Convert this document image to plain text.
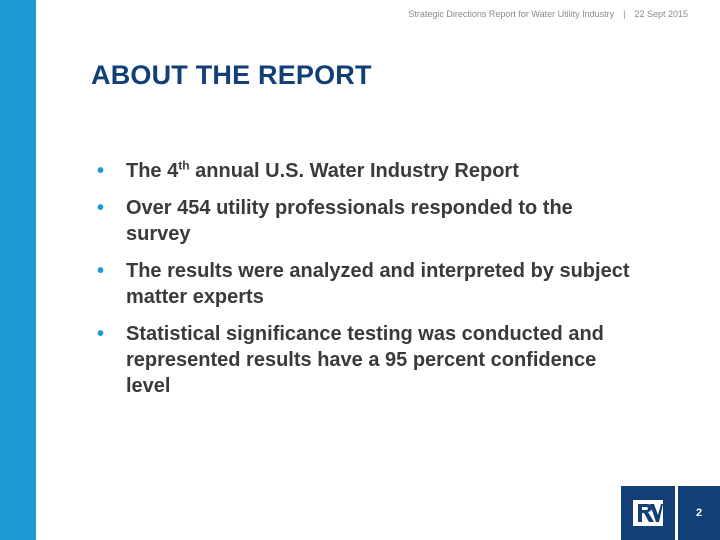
Strategic Directions Report for Water Utility Industry | 22 Sept 2015
ABOUT THE REPORT
• The 4th annual U.S. Water Industry Report
• Over 454 utility professionals responded to the survey
• The results were analyzed and interpreted by subject matter experts
• Statistical significance testing was conducted and represented results have a 95 percent confidence level
2
